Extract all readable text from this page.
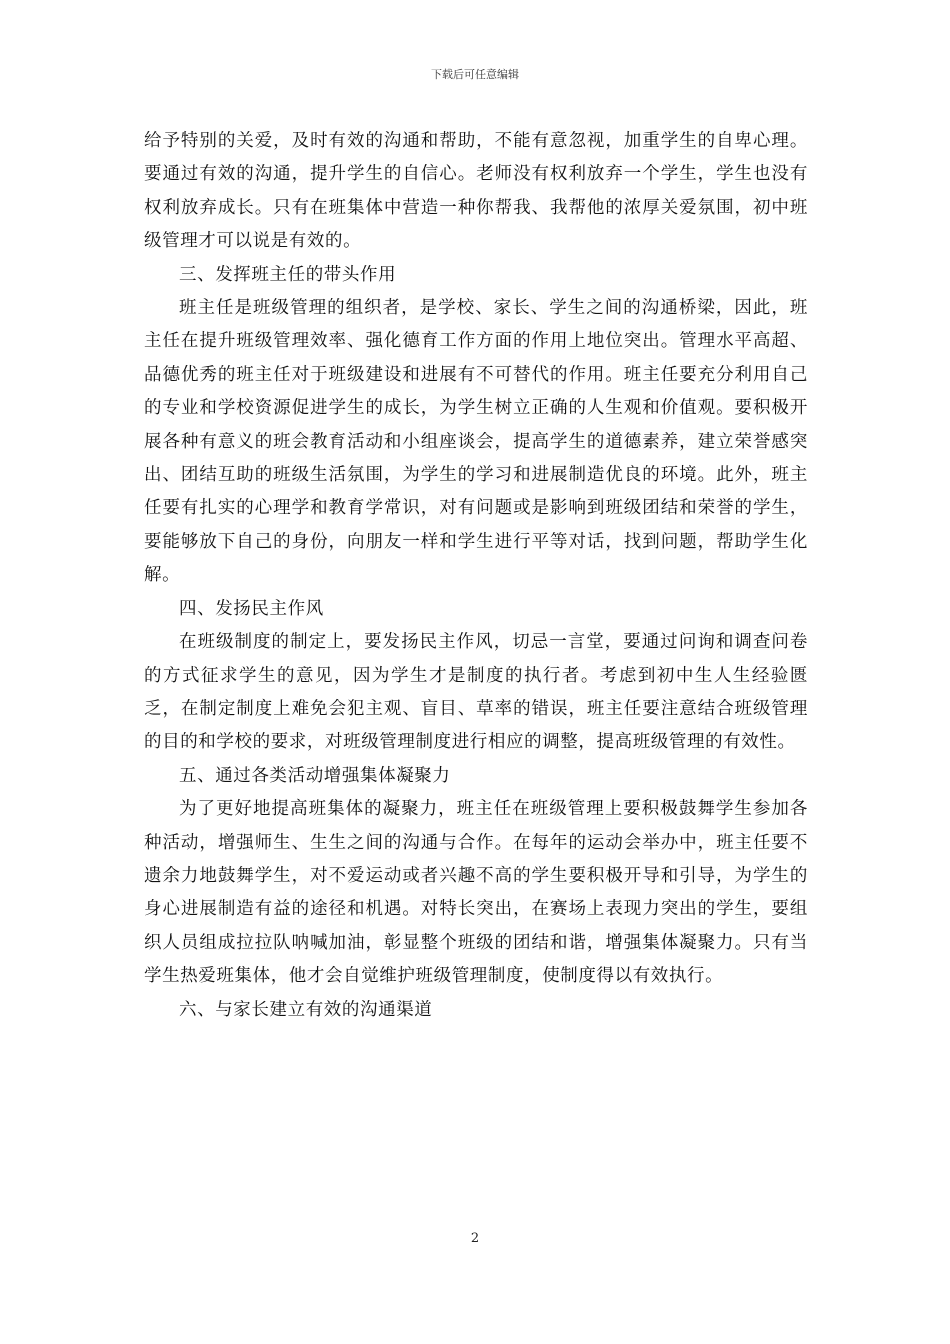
下载后可任意编辑

给予特别的关爱，及时有效的沟通和帮助，不能有意忽视，加重学生的自卑心理。要通过有效的沟通，提升学生的自信心。老师没有权利放弃一个学生，学生也没有权利放弃成长。只有在班集体中营造一种你帮我、我帮他的浓厚关爱氛围，初中班级管理才可以说是有效的。

三、发挥班主任的带头作用

班主任是班级管理的组织者，是学校、家长、学生之间的沟通桥梁，因此，班主任在提升班级管理效率、强化德育工作方面的作用上地位突出。管理水平高超、品德优秀的班主任对于班级建设和进展有不可替代的作用。班主任要充分利用自己的专业和学校资源促进学生的成长，为学生树立正确的人生观和价值观。要积极开展各种有意义的班会教育活动和小组座谈会，提高学生的道德素养，建立荣誉感突出、团结互助的班级生活氛围，为学生的学习和进展制造优良的环境。此外，班主任要有扎实的心理学和教育学常识，对有问题或是影响到班级团结和荣誉的学生，要能够放下自己的身份，向朋友一样和学生进行平等对话，找到问题，帮助学生化解。

四、发扬民主作风

在班级制度的制定上，要发扬民主作风，切忌一言堂，要通过问询和调查问卷的方式征求学生的意见，因为学生才是制度的执行者。考虑到初中生人生经验匮乏，在制定制度上难免会犯主观、盲目、草率的错误，班主任要注意结合班级管理的目的和学校的要求，对班级管理制度进行相应的调整，提高班级管理的有效性。

五、通过各类活动增强集体凝聚力

为了更好地提高班集体的凝聚力，班主任在班级管理上要积极鼓舞学生参加各种活动，增强师生、生生之间的沟通与合作。在每年的运动会举办中，班主任要不遗余力地鼓舞学生，对不爱运动或者兴趣不高的学生要积极开导和引导，为学生的身心进展制造有益的途径和机遇。对特长突出，在赛场上表现力突出的学生，要组织人员组成拉拉队呐喊加油，彰显整个班级的团结和谐，增强集体凝聚力。只有当学生热爱班集体，他才会自觉维护班级管理制度，使制度得以有效执行。

六、与家长建立有效的沟通渠道

2
